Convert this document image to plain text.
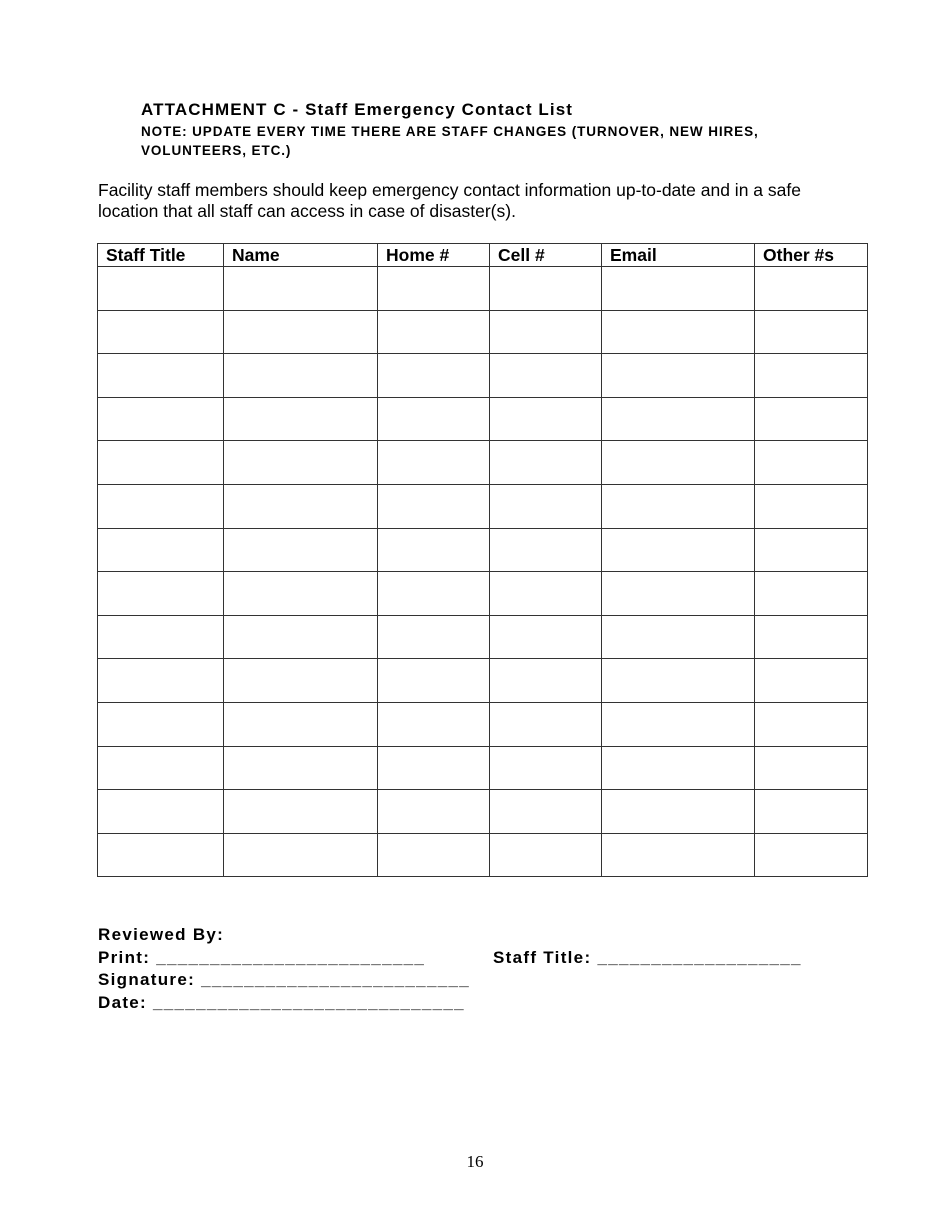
ATTACHMENT C - Staff Emergency Contact List

NOTE: UPDATE EVERY TIME THERE ARE STAFF CHANGES (TURNOVER, NEW HIRES, VOLUNTEERS, ETC.)

Facility staff members should keep emergency contact information up-to-date and in a safe location that all staff can access in case of disaster(s).

Staff Title	Name	Home #	Cell #	Email	Other #s

Reviewed By:

Print: _________________________	Staff Title: ___________________

Signature: _________________________

Date: _____________________________

16
